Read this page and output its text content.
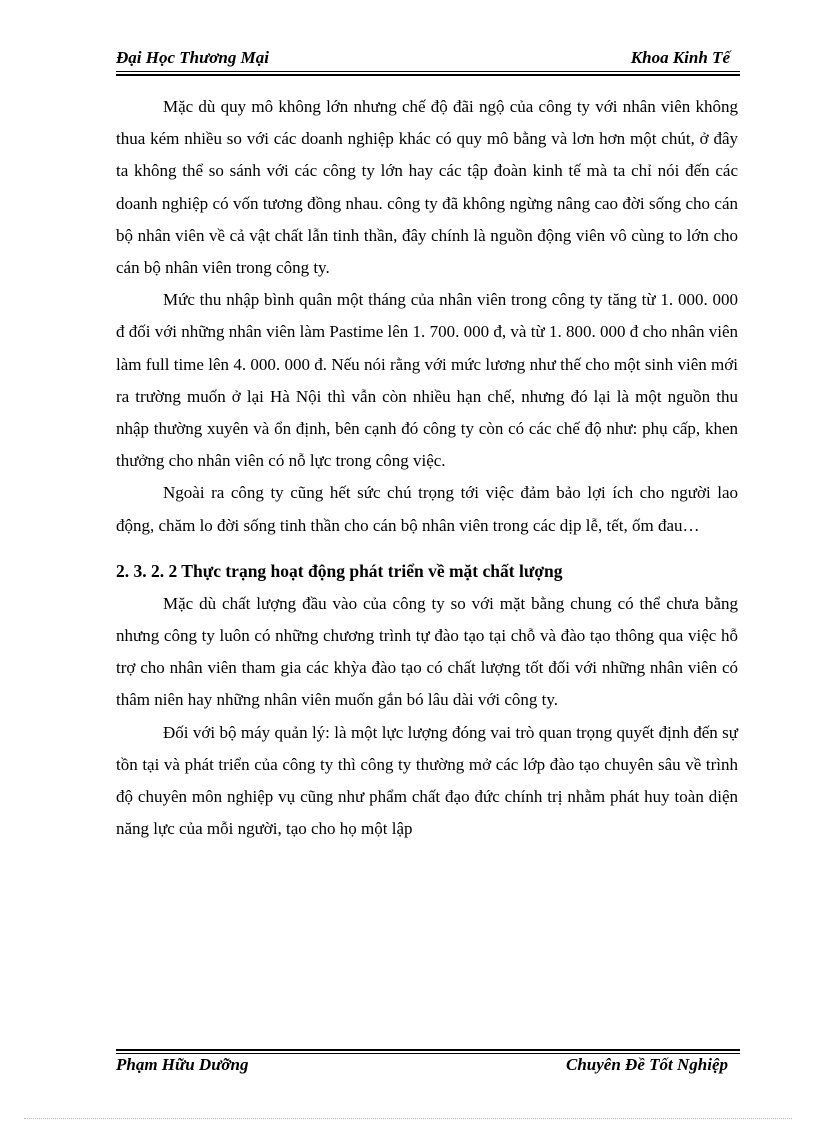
Đại Học Thương Mại	Khoa Kinh Tế

Mặc dù quy mô không lớn nhưng chế độ đãi ngộ của công ty với nhân viên không thua kém nhiều so với các doanh nghiệp khác có quy mô bằng và lơn hơn một chút, ở đây ta không thể so sánh với các công ty lớn hay các tập đoàn kinh tế mà ta chỉ nói đến các doanh nghiệp có vốn tương đồng nhau. công ty đã không ngừng nâng cao đời sống cho cán bộ nhân viên về cả vật chất lẫn tinh thần, đây chính là nguồn động viên vô cùng to lớn cho cán bộ nhân viên trong công ty.

Mức thu nhập bình quân một tháng của nhân viên trong công ty tăng từ 1. 000. 000 đ đối với những nhân viên làm Pastime lên 1. 700. 000 đ, và từ 1. 800. 000 đ cho nhân viên làm full time lên 4. 000. 000 đ. Nếu nói rằng với mức lương như thế cho một sinh viên mới ra trường muốn ở lại Hà Nội thì vẫn còn nhiều hạn chế, nhưng đó lại là một nguồn thu nhập thường xuyên và ổn định, bên cạnh đó công ty còn có các chế độ như: phụ cấp, khen thưởng cho nhân viên có nỗ lực trong công việc.

Ngoài ra công ty cũng hết sức chú trọng tới việc đảm bảo lợi ích cho người lao động, chăm lo đời sống tinh thần cho cán bộ nhân viên trong các dịp lễ, tết, ốm đau…

2. 3. 2. 2 Thực trạng hoạt động phát triển về mặt chất lượng

Mặc dù chất lượng đầu vào của công ty so với mặt bằng chung có thể chưa bằng nhưng công ty luôn có những chương trình tự đào tạo tại chỗ và đào tạo thông qua việc hỗ trợ cho nhân viên tham gia các khỳa đào tạo có chất lượng tốt đối với những nhân viên có thâm niên hay những nhân viên muốn gắn bó lâu dài với công ty.

Đối với bộ máy quản lý: là một lực lượng đóng vai trò quan trọng quyết định đến sự tồn tại và phát triển của công ty thì công ty thường mở các lớp đào tạo chuyên sâu về trình độ chuyên môn nghiệp vụ cũng như phẩm chất đạo đức chính trị nhằm phát huy toàn diện năng lực của mỗi người, tạo cho họ một lập

Phạm Hữu Dưỡng	Chuyên Đề Tốt Nghiệp
